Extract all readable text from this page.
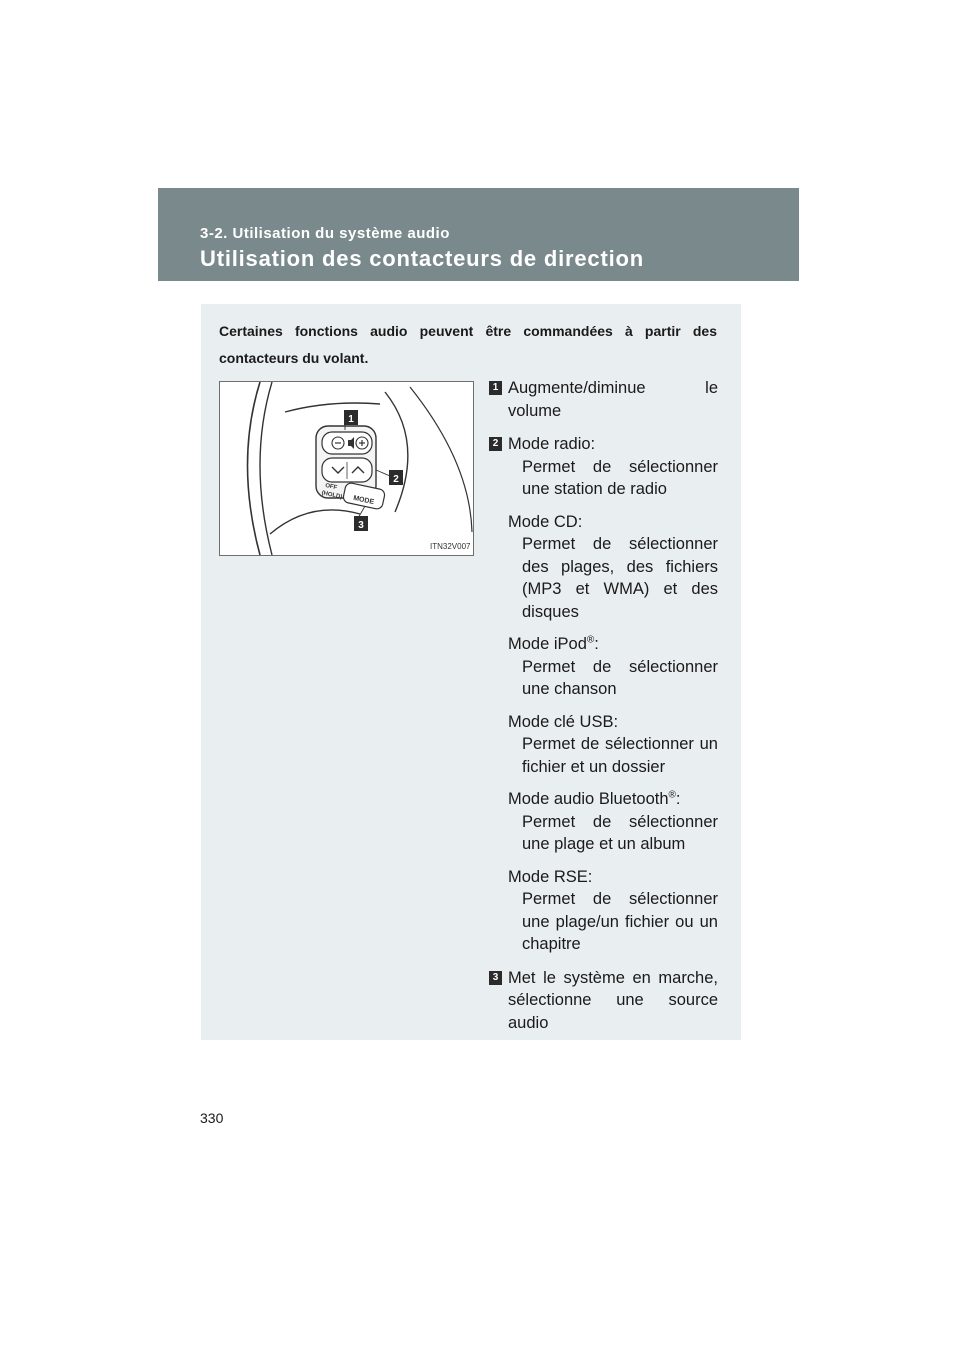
3-2. Utilisation du système audio
Utilisation des contacteurs de direction
Certaines fonctions audio peuvent être commandées à partir des contacteurs du volant.
MODE
OFF
(HOLD)
1
2
3
ITN32V007
1 Augmente/diminue le volume
2 Mode radio:
Permet de sélectionner une station de radio
Mode CD:
Permet de sélectionner des plages, des fichiers (MP3 et WMA) et des disques
Mode iPod®:
Permet de sélectionner une chanson
Mode clé USB:
Permet de sélectionner un fichier et un dossier
Mode audio Bluetooth®:
Permet de sélectionner une plage et un album
Mode RSE:
Permet de sélectionner une plage/un fichier ou un chapitre
3 Met le système en marche, sélectionne une source audio
330
